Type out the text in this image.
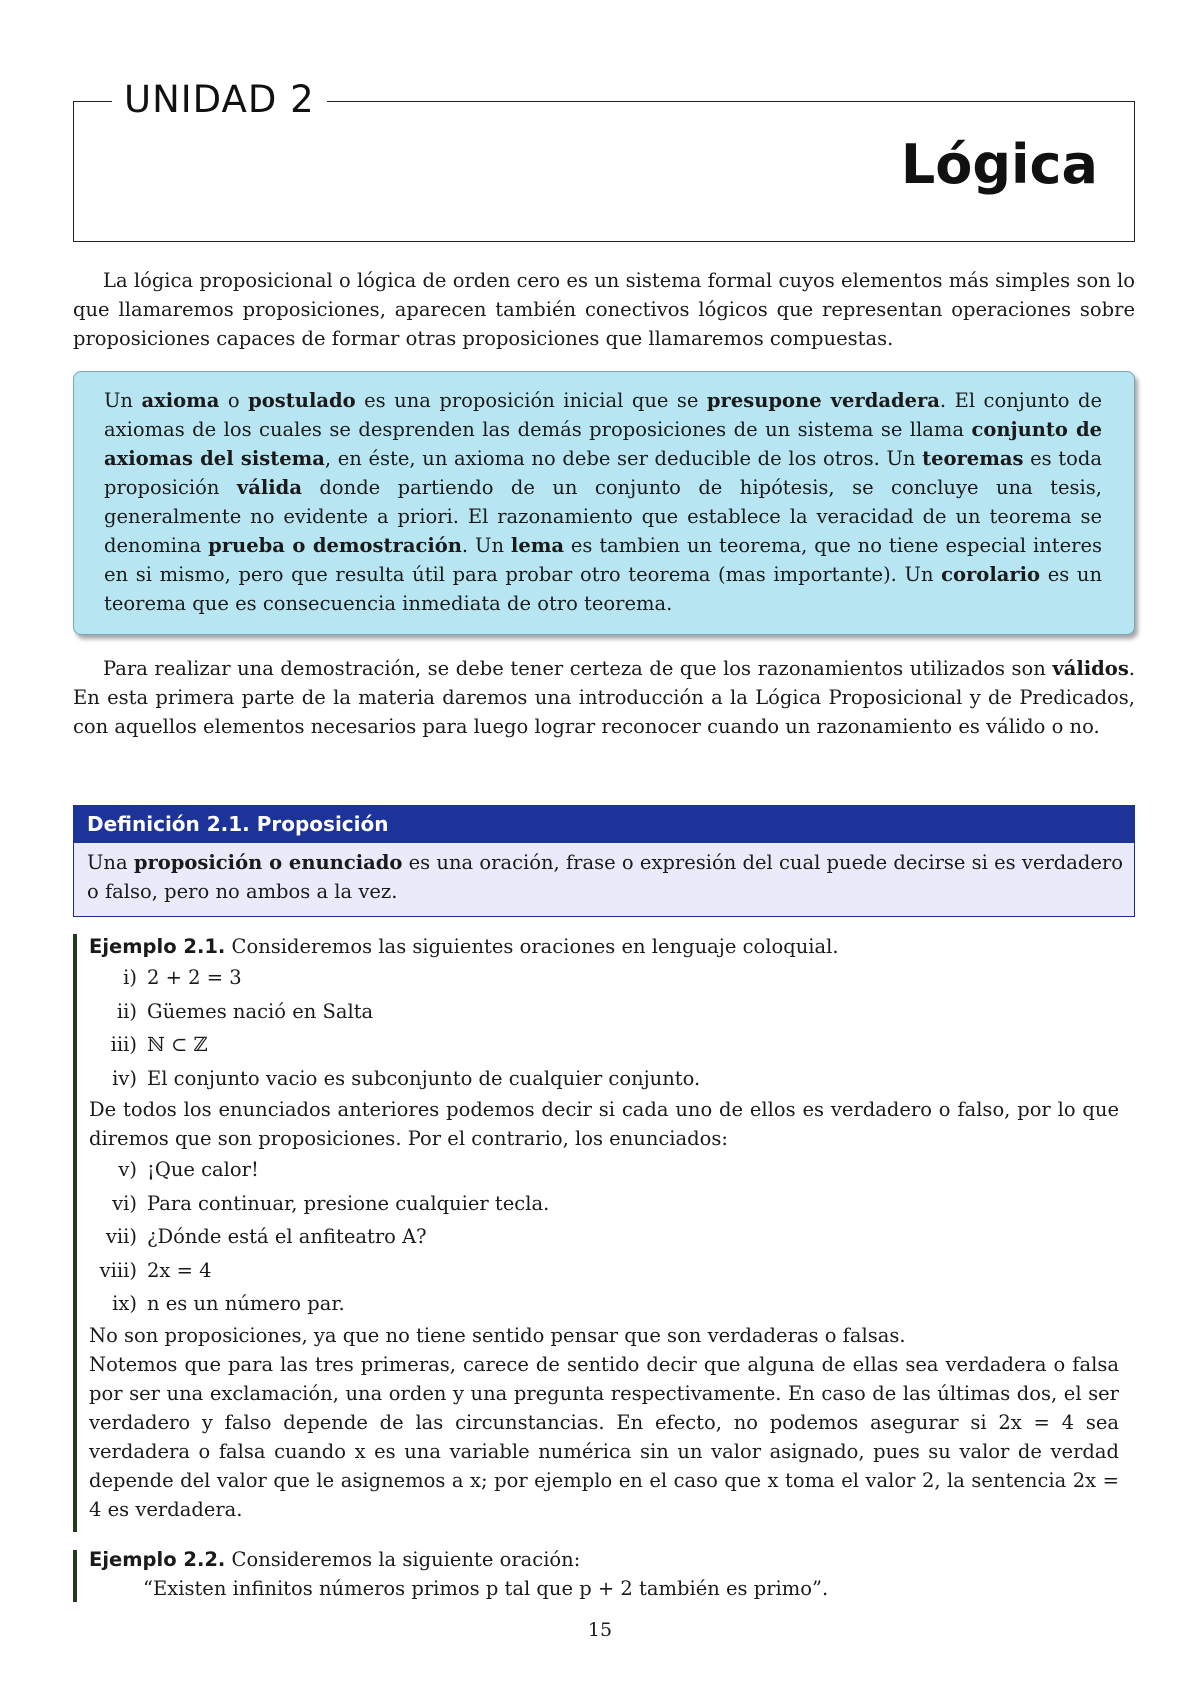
UNIDAD 2
Lógica

La lógica proposicional o lógica de orden cero es un sistema formal cuyos elementos más simples son lo que llamaremos proposiciones, aparecen también conectivos lógicos que representan operaciones sobre proposiciones capaces de formar otras proposiciones que llamaremos compuestas.

Un axioma o postulado es una proposición inicial que se presupone verdadera. El conjunto de axiomas de los cuales se desprenden las demás proposiciones de un sistema se llama conjunto de axiomas del sistema, en éste, un axioma no debe ser deducible de los otros. Un teoremas es toda proposición válida donde partiendo de un conjunto de hipótesis, se concluye una tesis, generalmente no evidente a priori. El razonamiento que establece la veracidad de un teorema se denomina prueba o demostración. Un lema es tambien un teorema, que no tiene especial interes en si mismo, pero que resulta útil para probar otro teorema (mas importante). Un corolario es un teorema que es consecuencia inmediata de otro teorema.

Para realizar una demostración, se debe tener certeza de que los razonamientos utilizados son válidos. En esta primera parte de la materia daremos una introducción a la Lógica Proposicional y de Predicados, con aquellos elementos necesarios para luego lograr reconocer cuando un razonamiento es válido o no.

Definición 2.1. Proposición

Una proposición o enunciado es una oración, frase o expresión del cual puede decirse si es verdadero o falso, pero no ambos a la vez.

Ejemplo 2.1. Consideremos las siguientes oraciones en lenguaje coloquial.

i) 2 + 2 = 3
ii) Güemes nació en Salta
iii) ℕ ⊂ ℤ
iv) El conjunto vacio es subconjunto de cualquier conjunto.

De todos los enunciados anteriores podemos decir si cada uno de ellos es verdadero o falso, por lo que diremos que son proposiciones. Por el contrario, los enunciados:

v) ¡Que calor!
vi) Para continuar, presione cualquier tecla.
vii) ¿Dónde está el anfiteatro A?
viii) 2x = 4
ix) n es un número par.

No son proposiciones, ya que no tiene sentido pensar que son verdaderas o falsas.

Notemos que para las tres primeras, carece de sentido decir que alguna de ellas sea verdadera o falsa por ser una exclamación, una orden y una pregunta respectivamente. En caso de las últimas dos, el ser verdadero y falso depende de las circunstancias. En efecto, no podemos asegurar si 2x = 4 sea verdadera o falsa cuando x es una variable numérica sin un valor asignado, pues su valor de verdad depende del valor que le asignemos a x; por ejemplo en el caso que x toma el valor 2, la sentencia 2x = 4 es verdadera.

Ejemplo 2.2. Consideremos la siguiente oración:

“Existen infinitos números primos p tal que p + 2 también es primo”.

15
